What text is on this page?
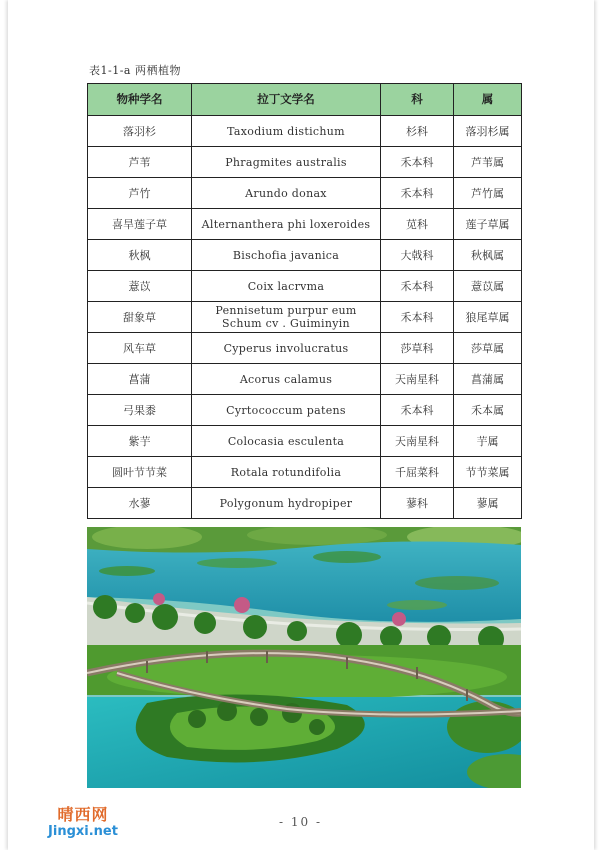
表1-1-a 两栖植物
物种学名	拉丁文学名	科	属
落羽杉	Taxodium distichum	杉科	落羽杉属
芦苇	Phragmites australis	禾本科	芦苇属
芦竹	Arundo donax	禾本科	芦竹属
喜旱莲子草	Alternanthera phi loxeroides	苋科	莲子草属
秋枫	Bischofia javanica	大戟科	秋枫属
薏苡	Coix lacrvma	禾本科	薏苡属
甜象草	Pennisetum purpur eum Schum cv . Guiminyin	禾本科	狼尾草属
风车草	Cyperus involucratus	莎草科	莎草属
菖蒲	Acorus calamus	天南星科	菖蒲属
弓果黍	Cyrtococcum patens	禾本科	禾本属
紫芋	Colocasia esculenta	天南星科	芋属
圆叶节节菜	Rotala rotundifolia	千屈菜科	节节菜属
水蓼	Polygonum hydropiper	蓼科	蓼属
晴西网
Jingxi.net
- 10 -
